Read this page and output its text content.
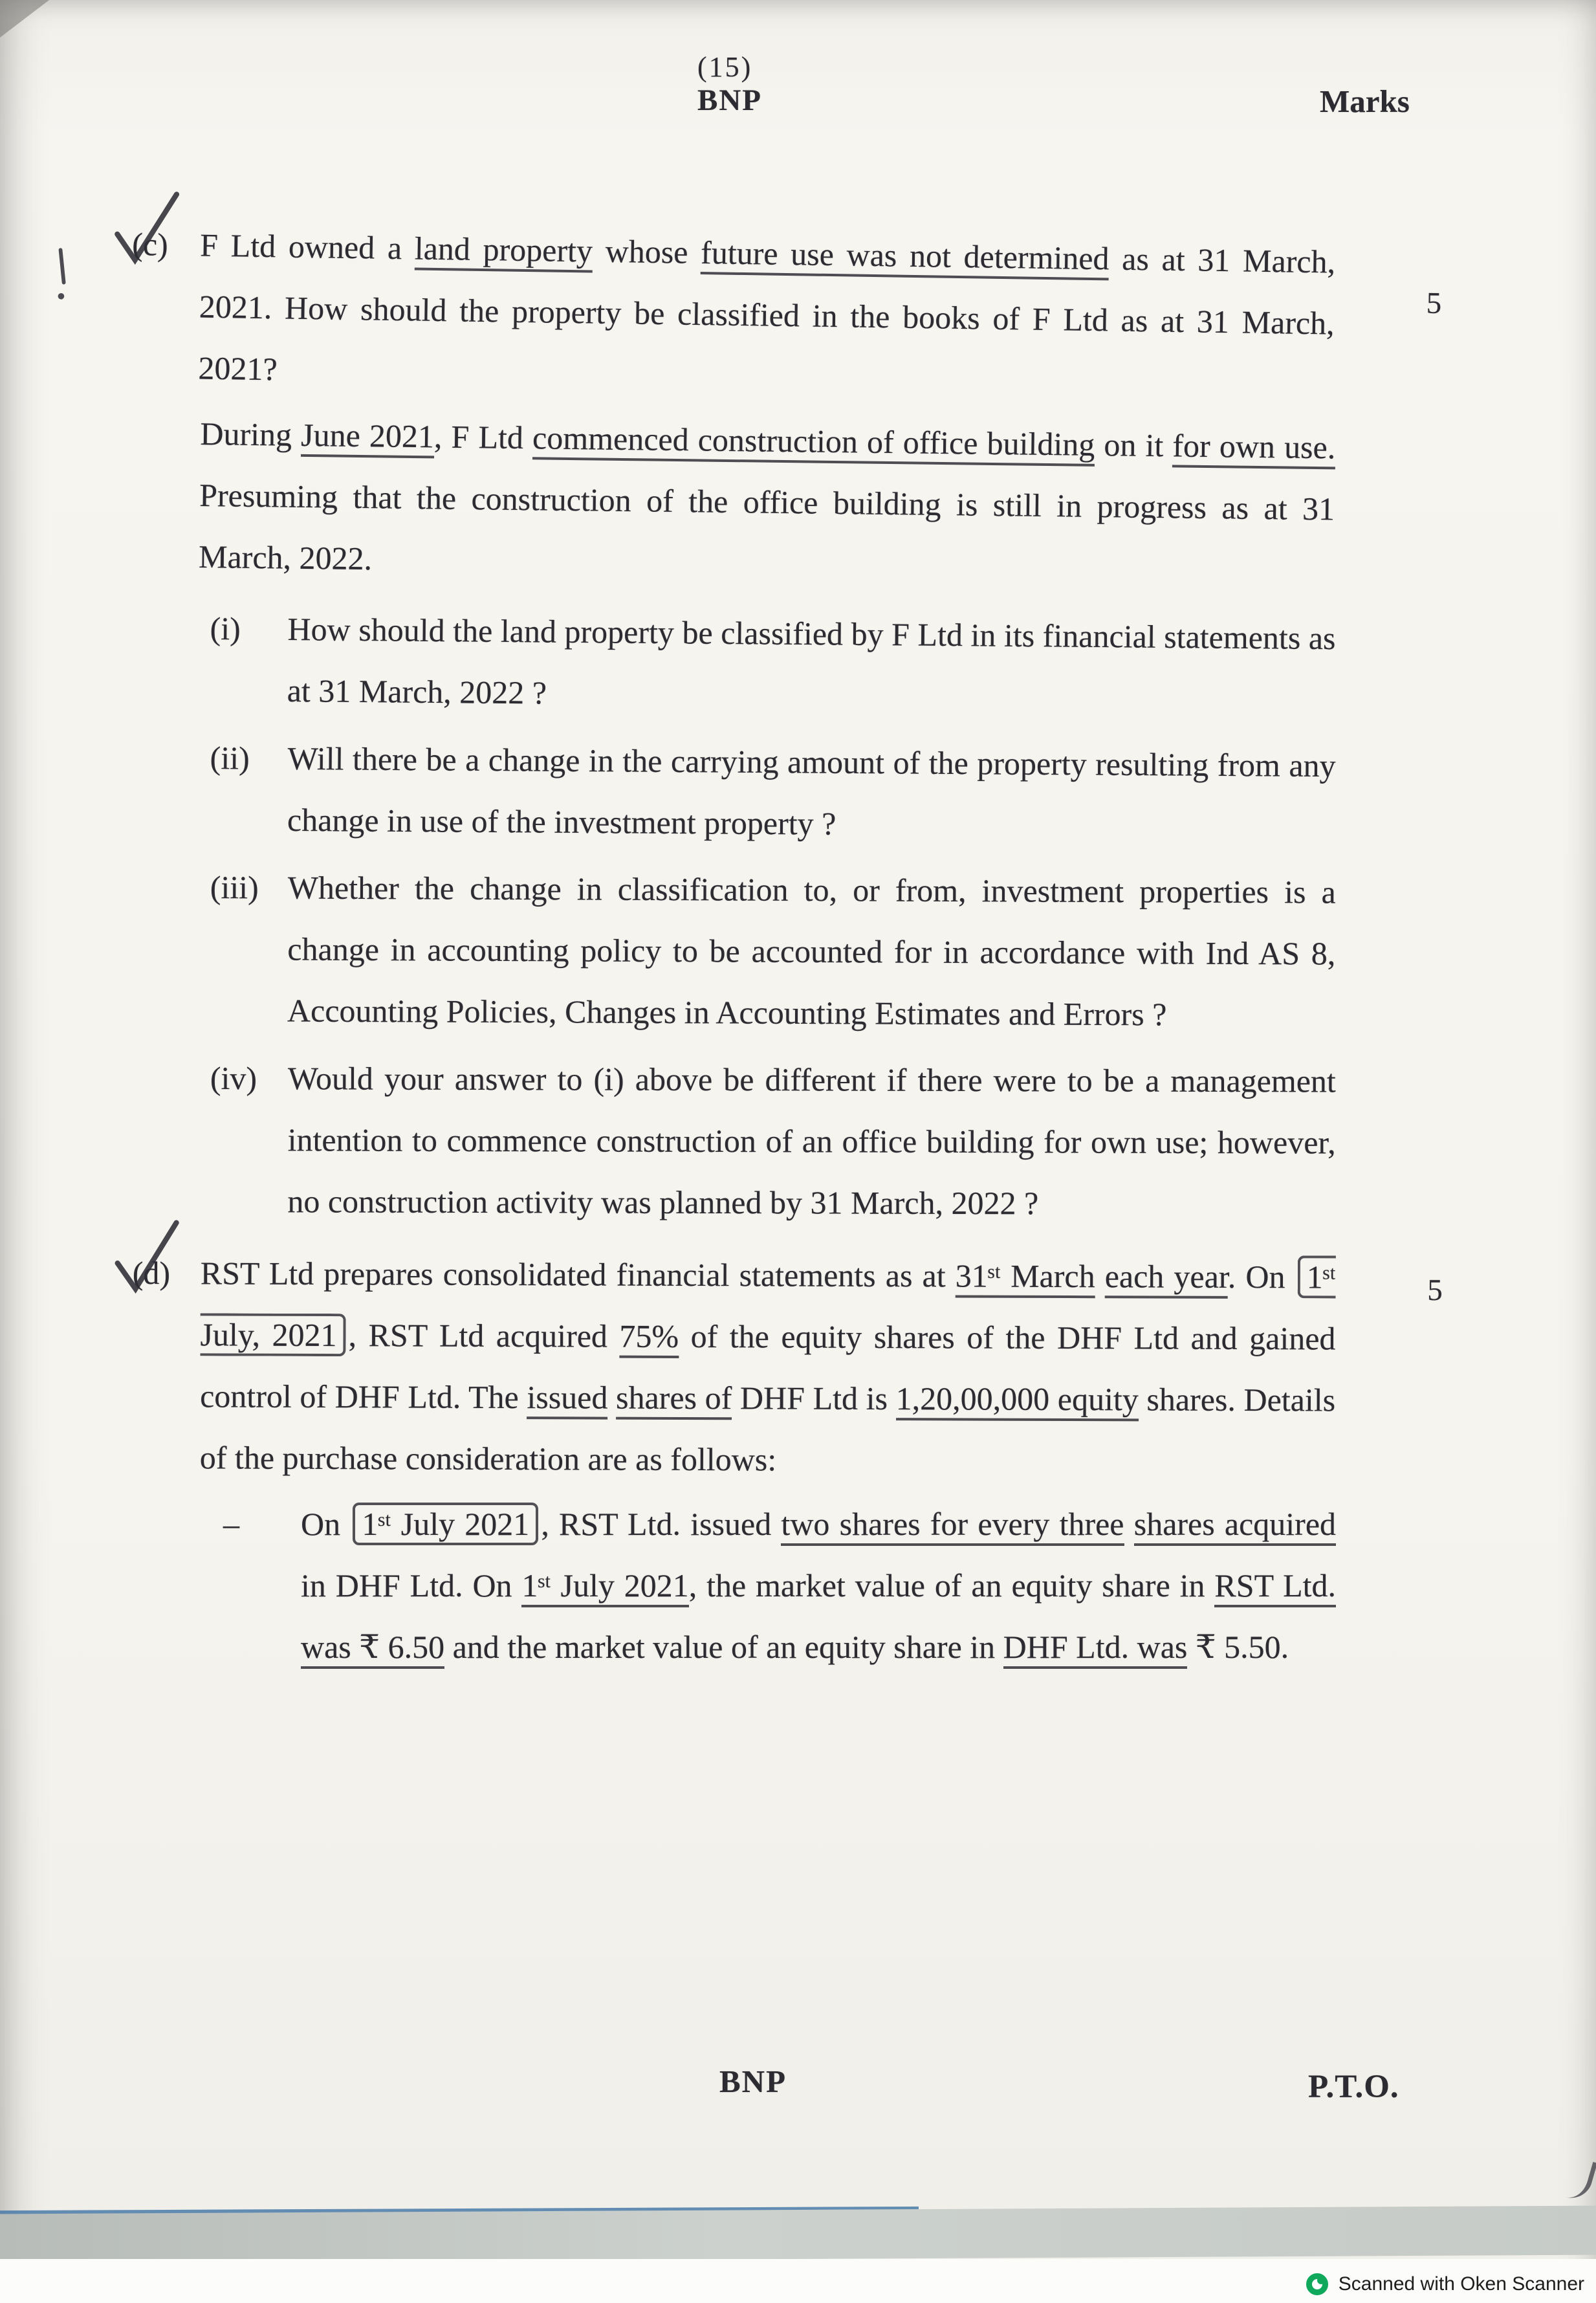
(15)
BNP	Marks
(c) F Ltd owned a land property whose future use was not determined as at 31 March, 2021. How should the property be classified in the books of F Ltd as at 31 March, 2021?
5
During June 2021, F Ltd commenced construction of office building on it for own use. Presuming that the construction of the office building is still in progress as at 31 March, 2022.
(i)	How should the land property be classified by F Ltd in its financial statements as at 31 March, 2022 ?
(ii)	Will there be a change in the carrying amount of the property resulting from any change in use of the investment property ?
(iii) Whether the change in classification to, or from, investment properties is a change in accounting policy to be accounted for in accordance with Ind AS 8, Accounting Policies, Changes in Accounting Estimates and Errors ?
(iv) Would your answer to (i) above be different if there were to be a management intention to commence construction of an office building for own use; however, no construction activity was planned by 31 March, 2022 ?
(d) RST Ltd prepares consolidated financial statements as at 31ˢᵗ March each year. On 1ˢᵗ July, 2021 , RST Ltd acquired 75% of the equity shares of the DHF Ltd and gained control of DHF Ltd. The issued shares of DHF Ltd is 1,20,00,000 equity shares. Details of the purchase consideration are as follows:
5
–	On 1ˢᵗ July 2021 , RST Ltd. issued two shares for every three shares acquired in DHF Ltd. On 1ˢᵗ July 2021, the market value of an equity share in RST Ltd. was ₹ 6.50 and the market value of an equity share in DHF Ltd. was ₹ 5.50.
BNP	P.T.O.
Scanned with Oken Scanner
